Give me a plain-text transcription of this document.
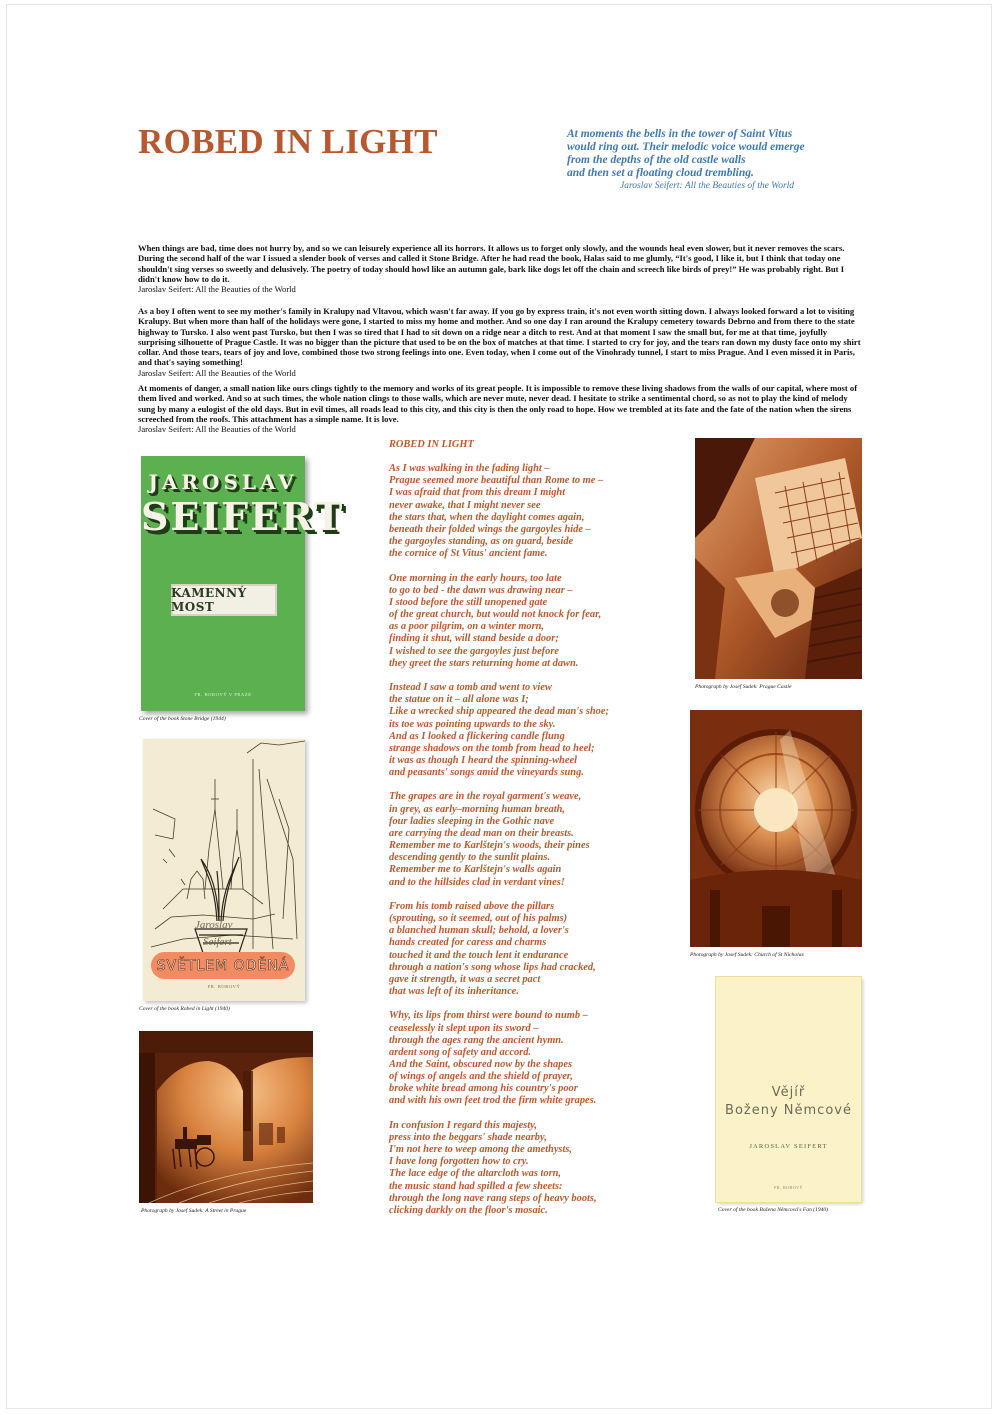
ROBED IN LIGHT	At moments the bells in the tower of Saint Vitus
would ring out. Their melodic voice would emerge
from the depths of the old castle walls
and then set a floating cloud trembling.
Jaroslav Seifert: All the Beauties of the World

When things are bad, time does not hurry by, and so we can leisurely experience all its horrors. It allows us to forget only slowly, and the wounds heal even slower, but it never removes the scars. During the second half of the war I issued a slender book of verses and called it Stone Bridge. After he had read the book, Halas said to me glumly, “It's good, I like it, but I think that today one shouldn't sing verses so sweetly and delusively. The poetry of today should howl like an autumn gale, bark like dogs let off the chain and screech like birds of prey!” He was probably right. But I didn't know how to do it.

Jaroslav Seifert: All the Beauties of the World

As a boy I often went to see my mother's family in Kralupy nad Vltavou, which wasn't far away. If you go by express train, it's not even worth sitting down. I always looked forward a lot to visiting Kralupy. But when more than half of the holidays were gone, I started to miss my home and mother. And so one day I ran around the Kralupy cemetery towards Debrno and from there to the state highway to Tursko. I also went past Tursko, but then I was so tired that I had to sit down on a ridge near a ditch to rest. And at that moment I saw the small but, for me at that time, joyfully surprising silhouette of Prague Castle. It was no bigger than the picture that used to be on the box of matches at that time. I started to cry for joy, and the tears ran down my dusty face onto my shirt collar. And those tears, tears of joy and love, combined those two strong feelings into one. Even today, when I come out of the Vinohrady tunnel, I start to miss Prague. And I even missed it in Paris, and that's saying something!

Jaroslav Seifert: All the Beauties of the World

At moments of danger, a small nation like ours clings tightly to the memory and works of its great people. It is impossible to remove these living shadows from the walls of our capital, where most of them lived and worked. And so at such times, the whole nation clings to those walls, which are never mute, never dead. I hesitate to strike a sentimental chord, so as not to play the kind of melody sung by many a eulogist of the old days. But in evil times, all roads lead to this city, and this city is then the only road to hope. How we trembled at its fate and the fate of the nation when the sirens screeched from the roofs. This attachment has a simple name. It is love.

Jaroslav Seifert: All the Beauties of the World
ROBED IN LIGHT
As I was walking in the fading light –
Prague seemed more beautiful than Rome to me –
I was afraid that from this dream I might
never awake, that I might never see
the stars that, when the daylight comes again,
beneath their folded wings the gargoyles hide –
the gargoyles standing, as on guard, beside
the cornice of St Vitus' ancient fame.
One morning in the early hours, too late
to go to bed - the dawn was drawing near –
I stood before the still unopened gate
of the great church, but would not knock for fear,
as a poor pilgrim, on a winter morn,
finding it shut, will stand beside a door;
I wished to see the gargoyles just before
they greet the stars returning home at dawn.
Instead I saw a tomb and went to view
the statue on it – all alone was I;
Like a wrecked ship appeared the dead man's shoe;
its toe was pointing upwards to the sky.
And as I looked a flickering candle flung
strange shadows on the tomb from head to heel;
it was as though I heard the spinning-wheel
and peasants' songs amid the vineyards sung.
The grapes are in the royal garment's weave,
in grey, as early–morning human breath,
four ladies sleeping in the Gothic nave
are carrying the dead man on their breasts.
Remember me to Karlštejn's woods, their pines
descending gently to the sunlit plains.
Remember me to Karlštejn's walls again
and to the hillsides clad in verdant vines!
From his tomb raised above the pillars
(sprouting, so it seemed, out of his palms)
a blanched human skull; behold, a lover's
hands created for caress and charms
touched it and the touch lent it endurance
through a nation's song whose lips had cracked,
gave it strength, it was a secret pact
that was left of its inheritance.
Why, its lips from thirst were bound to numb –
ceaselessly it slept upon its sword –
through the ages rang the ancient hymn.
ardent song of safety and accord.
And the Saint, obscured now by the shapes
of wings of angels and the shield of prayer,
broke white bread among his country's poor
and with his own feet trod the firm white grapes.
In confusion I regard this majesty,
press into the beggars' shade nearby,
I'm not here to weep among the amethysts,
I have long forgotten how to cry.
The lace edge of the altarcloth was torn,
the music stand had spilled a few sheets:
through the long nave rang steps of heavy boots,
clicking darkly on the floor's mosaic.
JAROSLAV
SEIFERT
KAMENNÝ MOST
FR. BOROVÝ V PRAZE
Cover of the book Stone Bridge (1944)
Jaroslav
Seifert
SVĚTLEM ODĚNÁ
FR. BOROVÝ
Cover of the book Robed in Light (1940)
Photograph by Josef Sudek: A Street in Prague
Photograph by Josef Sudek: Prague Castle
Photograph by Josef Sudek: Church of St Nicholas
Vějíř
Boženy Němcové
JAROSLAV SEIFERT
FR. BOROVÝ
Cover of the book Božena Němcová's Fan (1940)
